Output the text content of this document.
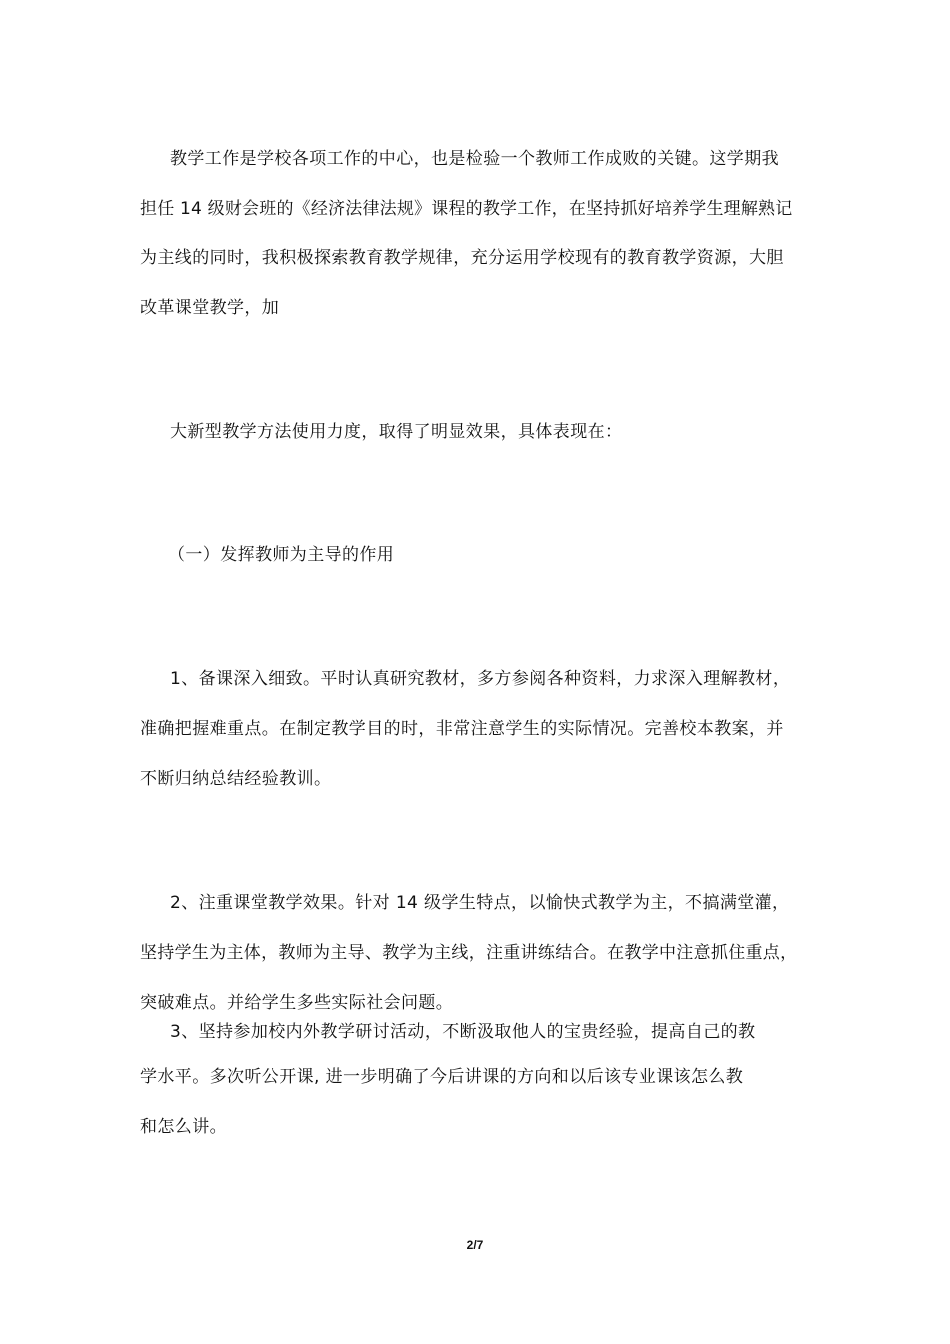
教学工作是学校各项工作的中心，也是检验一个教师工作成败的关键。这学期我
担任 14 级财会班的《经济法律法规》课程的教学工作，在坚持抓好培养学生理解熟记
为主线的同时，我积极探索教育教学规律，充分运用学校现有的教育教学资源，大胆
改革课堂教学，加
大新型教学方法使用力度，取得了明显效果，具体表现在：
（一）发挥教师为主导的作用
1、备课深入细致。平时认真研究教材，多方参阅各种资料，力求深入理解教材，
准确把握难重点。在制定教学目的时，非常注意学生的实际情况。完善校本教案，并
不断归纳总结经验教训。
2、注重课堂教学效果。针对 14 级学生特点，以愉快式教学为主，不搞满堂灌，
坚持学生为主体，教师为主导、教学为主线，注重讲练结合。在教学中注意抓住重点，
突破难点。并给学生多些实际社会问题。
3、坚持参加校内外教学研讨活动，不断汲取他人的宝贵经验，提高自己的教
学水平。多次听公开课, 进一步明确了今后讲课的方向和以后该专业课该怎么教
和怎么讲。
2/7
